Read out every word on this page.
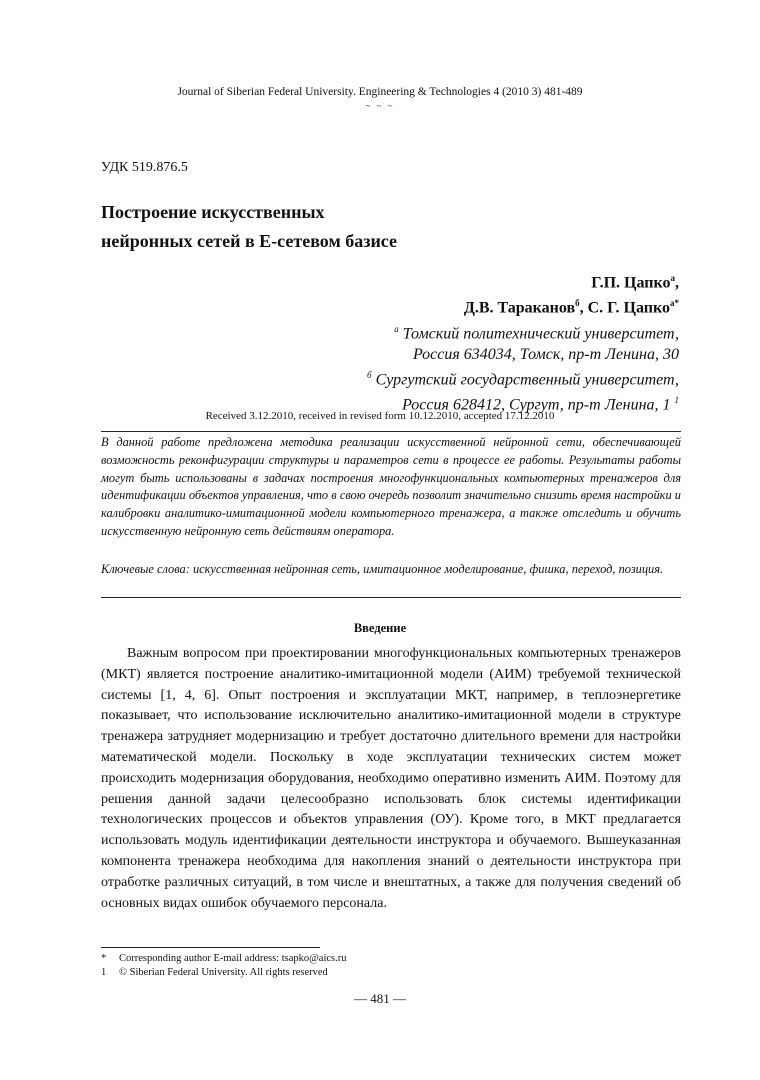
Journal of Siberian Federal University. Engineering & Technologies 4 (2010 3) 481-489
~ ~ ~
УДК 519.876.5
Построение искусственных
нейронных сетей в Е-сетевом базисе
Г.П. Цапко$^а$,
Д.В. Тараканов$^б$, С. Г. Цапко$^{а*}$
$^а$ Томский политехнический университет,
Россия 634034, Томск, пр-т Ленина, 30
$^б$ Сургутский государственный университет,
Россия 628412, Сургут, пр-т Ленина, 1 $^1$
Received 3.12.2010, received in revised form 10.12.2010, accepted 17.12.2010
В данной работе предложена методика реализации искусственной нейронной сети, обеспечивающей возможность реконфигурации структуры и параметров сети в процессе ее работы. Результаты работы могут быть использованы в задачах построения многофункциональных компьютерных тренажеров для идентификации объектов управления, что в свою очередь позволит значительно снизить время настройки и калибровки аналитико-имитационной модели компьютерного тренажера, а также отследить и обучить искусственную нейронную сеть действиям оператора.
Ключевые слова: искусственная нейронная сеть, имитационное моделирование, фишка, переход, позиция.
Введение
Важным вопросом при проектировании многофункциональных компьютерных тренажеров (МКТ) является построение аналитико-имитационной модели (АИМ) требуемой технической системы [1, 4, 6]. Опыт построения и эксплуатации МКТ, например, в теплоэнергетике показывает, что использование исключительно аналитико-имитационной модели в структуре тренажера затрудняет модернизацию и требует достаточно длительного времени для настройки математической модели. Поскольку в ходе эксплуатации технических систем может происходить модернизация оборудования, необходимо оперативно изменить АИМ. Поэтому для решения данной задачи целесообразно использовать блок системы идентификации технологических процессов и объектов управления (ОУ). Кроме того, в МКТ предлагается использовать модуль идентификации деятельности инструктора и обучаемого. Вышеуказанная компонента тренажера необходима для накопления знаний о деятельности инструктора при отработке различных ситуаций, в том числе и внештатных, а также для получения сведений об основных видах ошибок обучаемого персонала.
*	Corresponding author E-mail address: tsapko@aics.ru
1	© Siberian Federal University. All rights reserved
— 481 —
